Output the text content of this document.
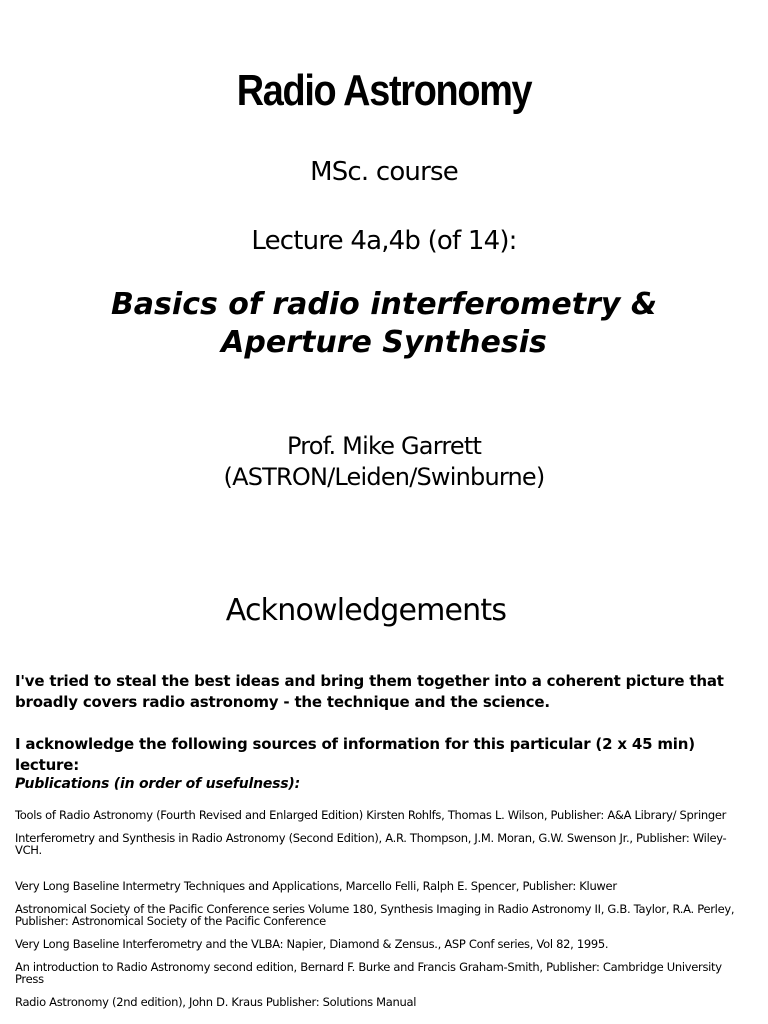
Radio Astronomy
MSc. course
Lecture 4a,4b (of 14):
Basics of radio interferometry &
Aperture Synthesis
Prof. Mike Garrett
(ASTRON/Leiden/Swinburne)
Acknowledgements
I've tried to steal the best ideas and bring them together into a coherent picture that broadly covers radio astronomy - the technique and the science.
I acknowledge the following sources of information for this particular (2 x 45 min) lecture:
Publications (in order of usefulness):
Tools of Radio Astronomy (Fourth Revised and Enlarged Edition) Kirsten Rohlfs, Thomas L. Wilson, Publisher: A&A Library/ Springer
Interferometry and Synthesis in Radio Astronomy (Second Edition), A.R. Thompson, J.M. Moran, G.W. Swenson Jr., Publisher: Wiley-VCH.
Very Long Baseline Intermetry Techniques and Applications, Marcello Felli, Ralph E. Spencer, Publisher: Kluwer
Astronomical Society of the Pacific Conference series Volume 180, Synthesis Imaging in Radio Astronomy II, G.B. Taylor, R.A. Perley, Publisher: Astronomical Society of the Pacific Conference
Very Long Baseline Interferometry and the VLBA: Napier, Diamond & Zensus., ASP Conf series, Vol 82, 1995.
An introduction to Radio Astronomy second edition, Bernard F. Burke and Francis Graham-Smith, Publisher: Cambridge University Press
Radio Astronomy (2nd edition), John D. Kraus Publisher: Solutions Manual
